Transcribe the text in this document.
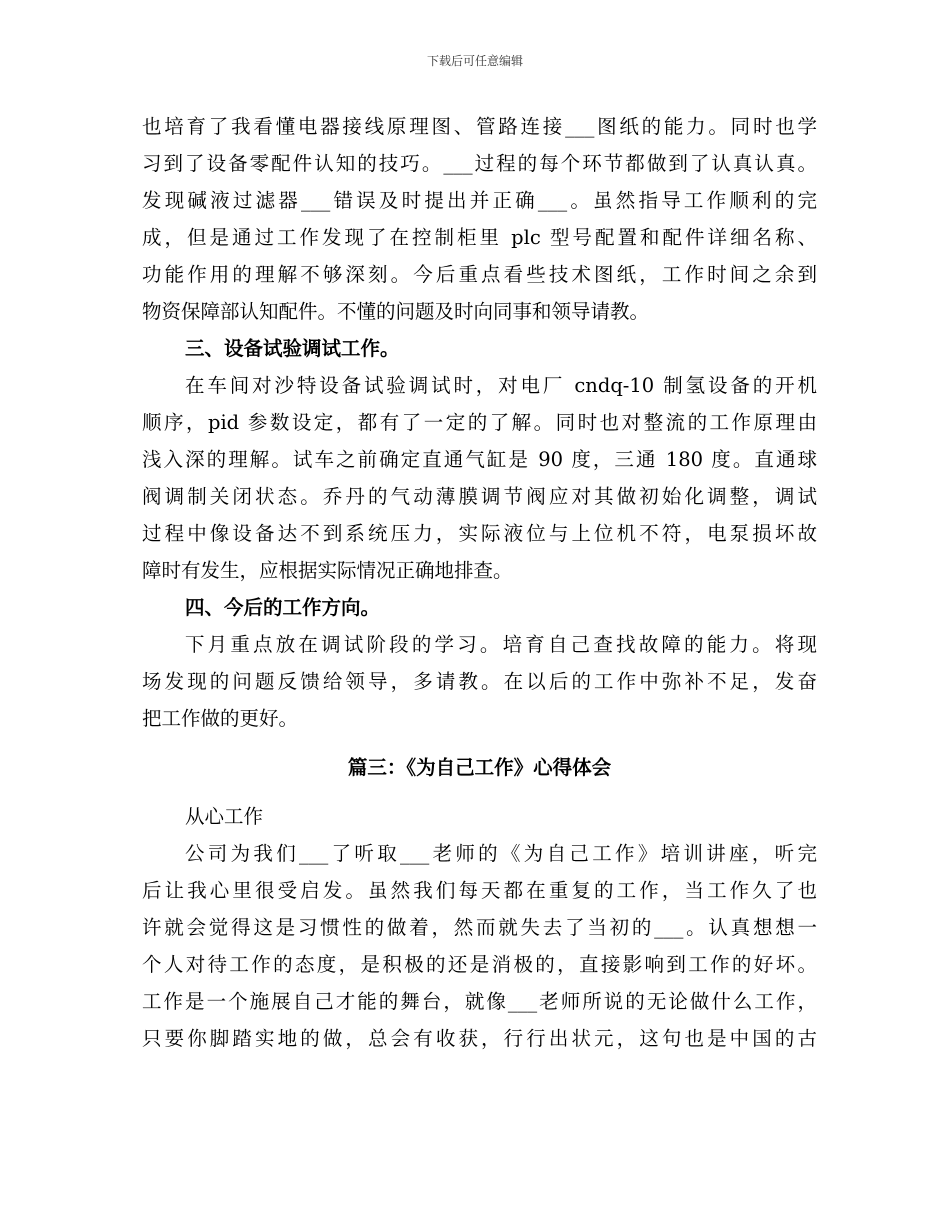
下载后可任意编辑
也培育了我看懂电器接线原理图、管路连接___图纸的能力。同时也学
习到了设备零配件认知的技巧。___过程的每个环节都做到了认真认真。
发现碱液过滤器___错误及时提出并正确___。虽然指导工作顺利的完
成，但是通过工作发现了在控制柜里 plc 型号配置和配件详细名称、
功能作用的理解不够深刻。今后重点看些技术图纸，工作时间之余到
物资保障部认知配件。不懂的问题及时向同事和领导请教。
三、设备试验调试工作。
在车间对沙特设备试验调试时，对电厂 cndq-10 制氢设备的开机
顺序，pid 参数设定，都有了一定的了解。同时也对整流的工作原理由
浅入深的理解。试车之前确定直通气缸是 90 度，三通 180 度。直通球
阀调制关闭状态。乔丹的气动薄膜调节阀应对其做初始化调整，调试
过程中像设备达不到系统压力，实际液位与上位机不符，电泵损坏故
障时有发生，应根据实际情况正确地排查。
四、今后的工作方向。
下月重点放在调试阶段的学习。培育自己查找故障的能力。将现
场发现的问题反馈给领导，多请教。在以后的工作中弥补不足，发奋
把工作做的更好。
篇三：《为自己工作》心得体会
从心工作
公司为我们___了听取___老师的《为自己工作》培训讲座，听完
后让我心里很受启发。虽然我们每天都在重复的工作，当工作久了也
许就会觉得这是习惯性的做着，然而就失去了当初的___。认真想想一
个人对待工作的态度，是积极的还是消极的，直接影响到工作的好坏。
工作是一个施展自己才能的舞台，就像___老师所说的无论做什么工作，
只要你脚踏实地的做，总会有收获，行行出状元，这句也是中国的古
